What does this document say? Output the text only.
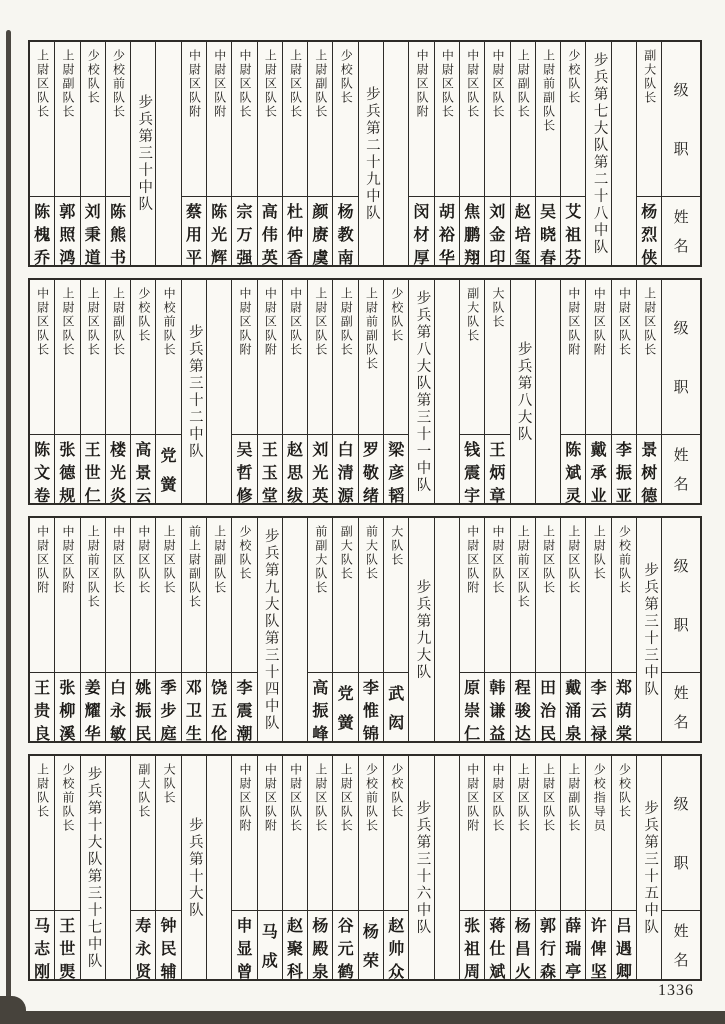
级
职
姓
名
副大队长
杨
烈
侠
步兵第七大队第二十八中队
少校队长
艾
祖
芬
上尉前副队长
吴
晓
春
上尉副队长
赵
培
玺
中尉区队长
刘
金
印
中尉区队长
焦
鹏
翔
中尉区队长
胡
裕
华
中尉区队附
闵
材
厚
步兵第二十九中队
少校队长
杨
教
南
上尉副队长
颜
赓
虞
上尉区队长
杜
仲
香
上尉区队长
高
伟
英
中尉区队长
宗
万
强
中尉区队附
陈
光
辉
中尉区队附
蔡
用
平
步兵第三十中队
少校前队长
陈
熊
书
少校队长
刘
秉
道
上尉副队长
郭
照
鸿
上尉区队长
陈
槐
乔
级
职
姓
名
上尉区队长
景
树
德
中尉区队长
李
振
亚
中尉区队附
戴
承
业
中尉区队附
陈
斌
灵
步兵第八大队
大队长
王
炳
章
副大队长
钱
震
宇
步兵第八大队第三十一中队
少校队长
梁
彦
韬
上尉前副队长
罗
敬
绪
上尉副队长
白
清
源
上尉区队长
刘
光
英
中尉区队长
赵
思
绂
中尉区队附
王
玉
堂
中尉区队附
吴
哲
修
步兵第三十二中队
中校前队长
党
黉
少校队长
高
景
云
上尉副队长
楼
光
炎
上尉区队长
王
世
仁
上尉区队长
张
德
规
中尉区队长
陈
文
卷
级
职
姓
名
步兵第三十三中队
少校前队长
郑
荫
棠
上尉队长
李
云
禄
上尉区队长
戴
涌
泉
上尉区队长
田
治
民
上尉前区队长
程
骏
达
中尉区队长
韩
谦
益
中尉区队附
原
崇
仁
步兵第九大队
大队长
武
闳
前大队长
李
惟
锦
副大队长
党
黉
前副大队长
高
振
峰
步兵第九大队第三十四中队
少校队长
李
震
潮
上尉副队长
饶
五
伦
前上尉副队长
邓
卫
生
上尉区队长
季
步
庭
中尉区队长
姚
振
民
中尉区队长
白
永
敏
上尉前区队长
姜
耀
华
中尉区队附
张
柳
溪
中尉区队附
王
贵
良
级
职
姓
名
步兵第三十五中队
少校队长
吕
遇
卿
少校指导员
许
俾
坚
上尉副队长
薛
瑞
亭
上尉区队长
郭
行
森
上尉区队长
杨
昌
火
中尉区队长
蒋
仕
斌
中尉区队附
张
祖
周
步兵第三十六中队
少校队长
赵
帅
众
少校前队长
杨
荣
上尉区队长
谷
元
鹤
上尉区队长
杨
殿
泉
中尉区队长
赵
聚
科
中尉区队附
马
成
中尉区队附
申
显
曾
步兵第十大队
大队长
钟
民
辅
副大队长
寿
永
贤
步兵第十大队第三十七中队
少校前队长
王
世
煚
上尉队长
马
志
刚
1336
